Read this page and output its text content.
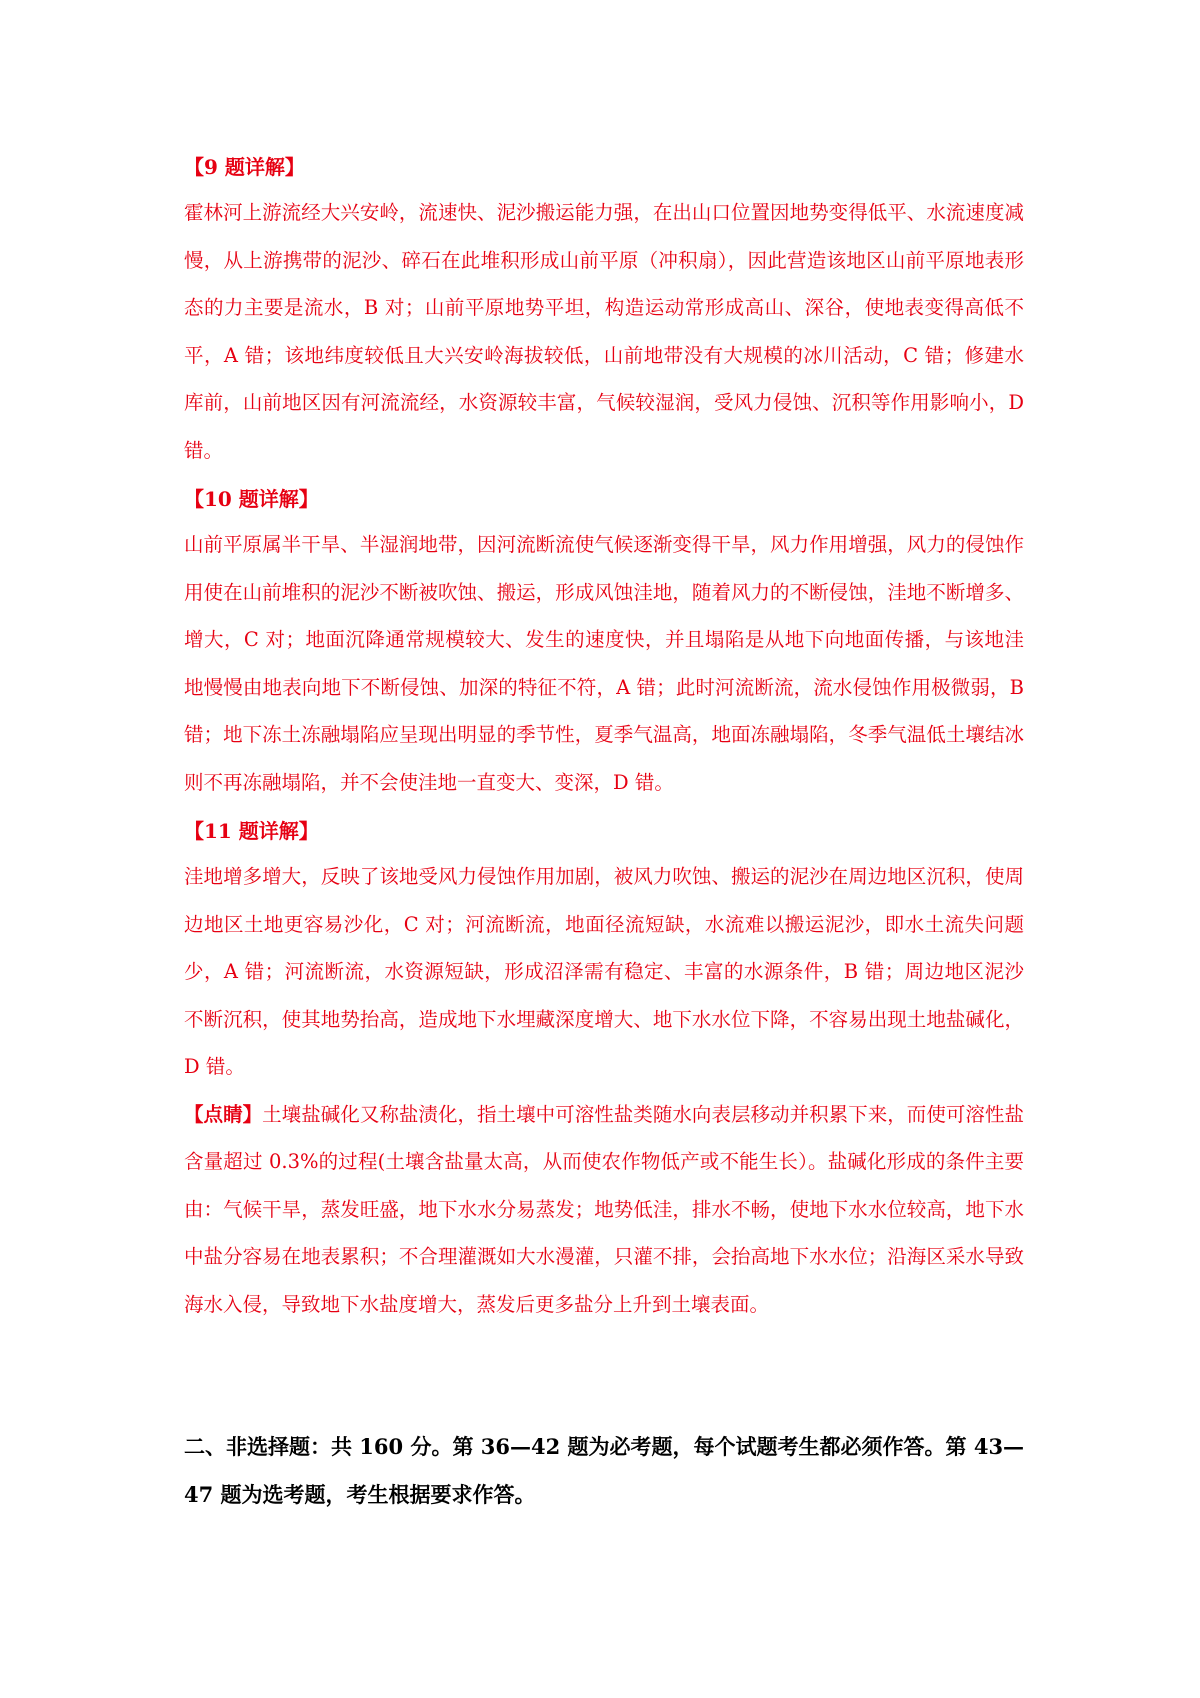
【9 题详解】

霍林河上游流经大兴安岭，流速快、泥沙搬运能力强，在出山口位置因地势变得低平、水流速度减慢，从上游携带的泥沙、碎石在此堆积形成山前平原（冲积扇），因此营造该地区山前平原地表形态的力主要是流水，B 对；山前平原地势平坦，构造运动常形成高山、深谷，使地表变得高低不平，A 错；该地纬度较低且大兴安岭海拔较低，山前地带没有大规模的冰川活动，C 错；修建水库前，山前地区因有河流流经，水资源较丰富，气候较湿润，受风力侵蚀、沉积等作用影响小，D 错。

【10 题详解】

山前平原属半干旱、半湿润地带，因河流断流使气候逐渐变得干旱，风力作用增强，风力的侵蚀作用使在山前堆积的泥沙不断被吹蚀、搬运，形成风蚀洼地，随着风力的不断侵蚀，洼地不断增多、增大，C 对；地面沉降通常规模较大、发生的速度快，并且塌陷是从地下向地面传播，与该地洼地慢慢由地表向地下不断侵蚀、加深的特征不符，A 错；此时河流断流，流水侵蚀作用极微弱，B 错；地下冻土冻融塌陷应呈现出明显的季节性，夏季气温高，地面冻融塌陷，冬季气温低土壤结冰则不再冻融塌陷，并不会使洼地一直变大、变深，D 错。

【11 题详解】

洼地增多增大，反映了该地受风力侵蚀作用加剧，被风力吹蚀、搬运的泥沙在周边地区沉积，使周边地区土地更容易沙化，C 对；河流断流，地面径流短缺，水流难以搬运泥沙，即水土流失问题少，A 错；河流断流，水资源短缺，形成沼泽需有稳定、丰富的水源条件，B 错；周边地区泥沙不断沉积，使其地势抬高，造成地下水埋藏深度增大、地下水水位下降，不容易出现土地盐碱化，D 错。

【点睛】土壤盐碱化又称盐渍化，指土壤中可溶性盐类随水向表层移动并积累下来，而使可溶性盐含量超过 0.3%的过程(土壤含盐量太高，从而使农作物低产或不能生长）。盐碱化形成的条件主要由：气候干旱，蒸发旺盛，地下水水分易蒸发；地势低洼，排水不畅，使地下水水位较高，地下水中盐分容易在地表累积；不合理灌溉如大水漫灌，只灌不排，会抬高地下水水位；沿海区采水导致海水入侵，导致地下水盐度增大，蒸发后更多盐分上升到土壤表面。

二、非选择题：共 160 分。第 36—42 题为必考题，每个试题考生都必须作答。第 43—47 题为选考题，考生根据要求作答。
